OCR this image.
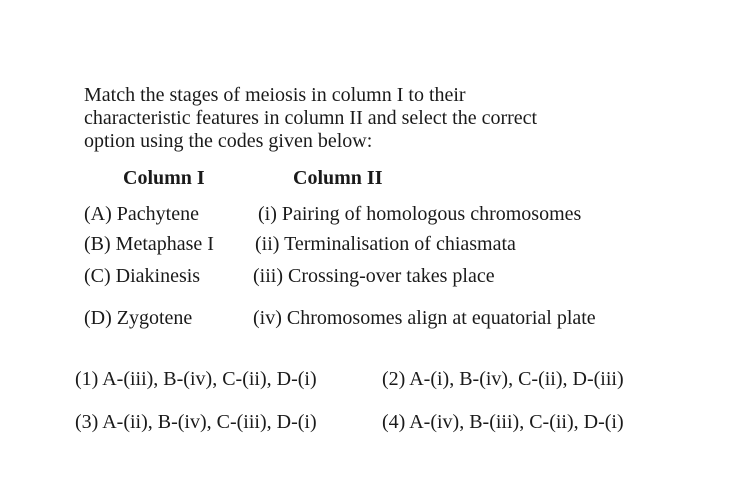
Match the stages of meiosis in column I to their characteristic features in column II and select the correct option using the codes given below:
Column I	Column II
(A) Pachytene	(i) Pairing of homologous chromosomes
(B) Metaphase I (ii) Terminalisation of chiasmata
(C) Diakinesis	(iii) Crossing-over takes place
(D) Zygotene	(iv) Chromosomes align at equatorial plate
(1) A-(iii), B-(iv), C-(ii), D-(i)	(2) A-(i), B-(iv), C-(ii), D-(iii)
(3) A-(ii), B-(iv), C-(iii), D-(i)	(4) A-(iv), B-(iii), C-(ii), D-(i)
